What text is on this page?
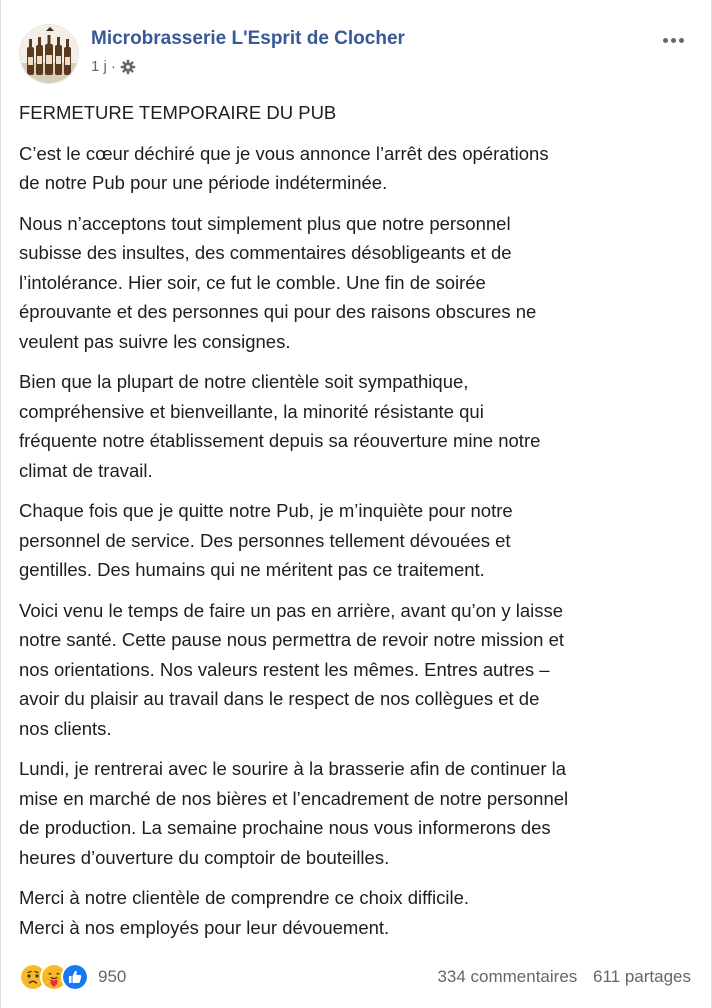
Microbrasserie L'Esprit de Clocher
1 j ·

FERMETURE TEMPORAIRE DU PUB

C’est le cœur déchiré que je vous annonce l’arrêt des opérations
de notre Pub pour une période indéterminée.

Nous n’acceptons tout simplement plus que notre personnel
subisse des insultes, des commentaires désobligeants et de
l’intolérance. Hier soir, ce fut le comble. Une fin de soirée
éprouvante et des personnes qui pour des raisons obscures ne
veulent pas suivre les consignes.

Bien que la plupart de notre clientèle soit sympathique,
compréhensive et bienveillante, la minorité résistante qui
fréquente notre établissement depuis sa réouverture mine notre
climat de travail.

Chaque fois que je quitte notre Pub, je m’inquiète pour notre
personnel de service. Des personnes tellement dévouées et
gentilles. Des humains qui ne méritent pas ce traitement.

Voici venu le temps de faire un pas en arrière, avant qu’on y laisse
notre santé. Cette pause nous permettra de revoir notre mission et
nos orientations. Nos valeurs restent les mêmes. Entres autres –
avoir du plaisir au travail dans le respect de nos collègues et de
nos clients.

Lundi, je rentrerai avec le sourire à la brasserie afin de continuer la
mise en marché de nos bières et l’encadrement de notre personnel
de production. La semaine prochaine nous vous informerons des
heures d’ouverture du comptoir de bouteilles.

Merci à notre clientèle de comprendre ce choix difficile.
Merci à nos employés pour leur dévouement.

950	334 commentaires 611 partages
